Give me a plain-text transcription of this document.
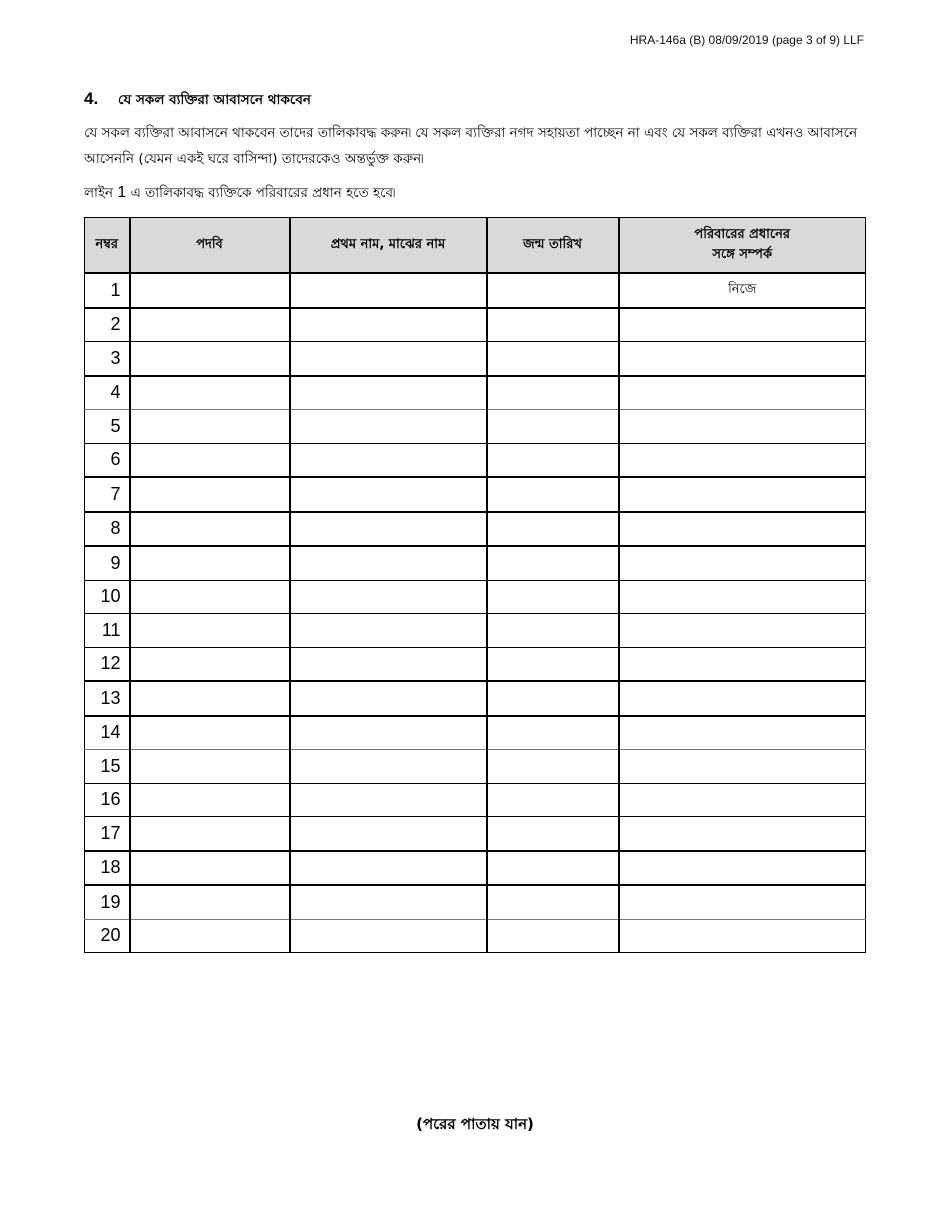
HRA-146a (B) 08/09/2019 (page 3 of 9) LLF
4.	যে সকল ব্যক্তিরা আবাসনে থাকবেন
যে সকল ব্যক্তিরা আবাসনে থাকবেন তাদের তালিকাবদ্ধ করুন৷ যে সকল ব্যক্তিরা নগদ সহায়তা পাচ্ছেন না এবং যে সকল ব্যক্তিরা এখনও আবাসনে আসেননি (যেমন একই ঘরে বাসিন্দা) তাদেরকেও অন্তর্ভুক্ত করুন৷
লাইন 1 এ তালিকাবদ্ধ ব্যক্তিকে পরিবারের প্রধান হতে হবে৷
নম্বর	পদবি	প্রথম নাম, মাঝের নাম	জন্ম তারিখ	পরিবারের প্রধানের
সঙ্গে সম্পর্ক

1				নিজে
2				
3				
4				
5				
6				
7				
8				
9				
10				
11				
12				
13				
14				
15				
16				
17				
18				
19				
20				
(পরের পাতায় যান)
